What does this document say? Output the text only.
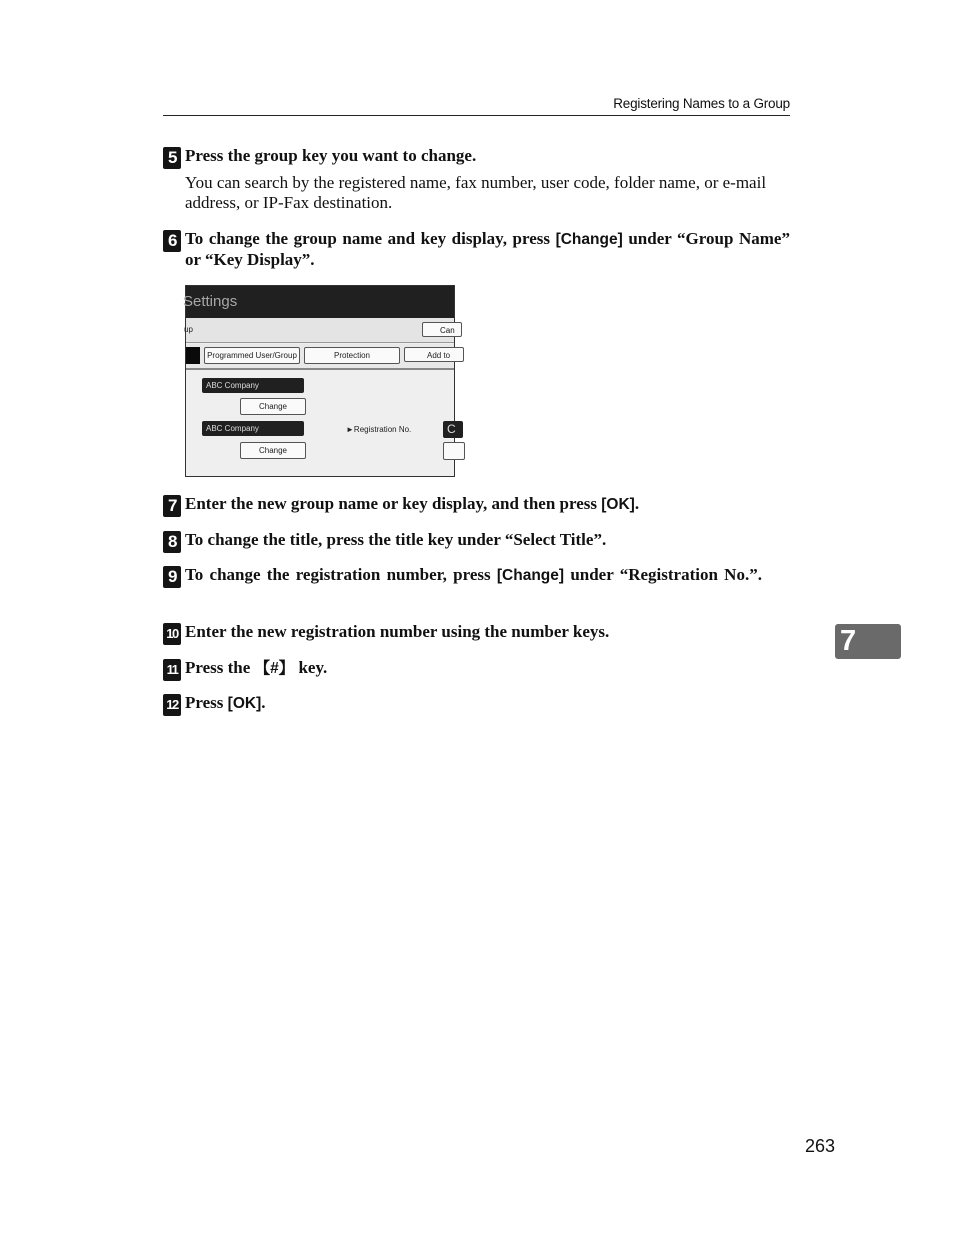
Registering Names to a Group
5 Press the group key you want to change.
You can search by the registered name, fax number, user code, folder name, or e-mail address, or IP-Fax destination.
6 To change the group name and key display, press [Change] under “Group Name” or “Key Display”.
Settings
up	Can
Programmed User/Group	Protection	Add to
ABC Company
Change
ABC Company
Change
►Registration No.	C
7 Enter the new group name or key display, and then press [OK].
8 To change the title, press the title key under “Select Title”.
9 To change the registration number, press [Change] under “Registration No.”.
10 Enter the new registration number using the number keys.
11 Press the 【#】 key.
12 Press [OK].
7
263
